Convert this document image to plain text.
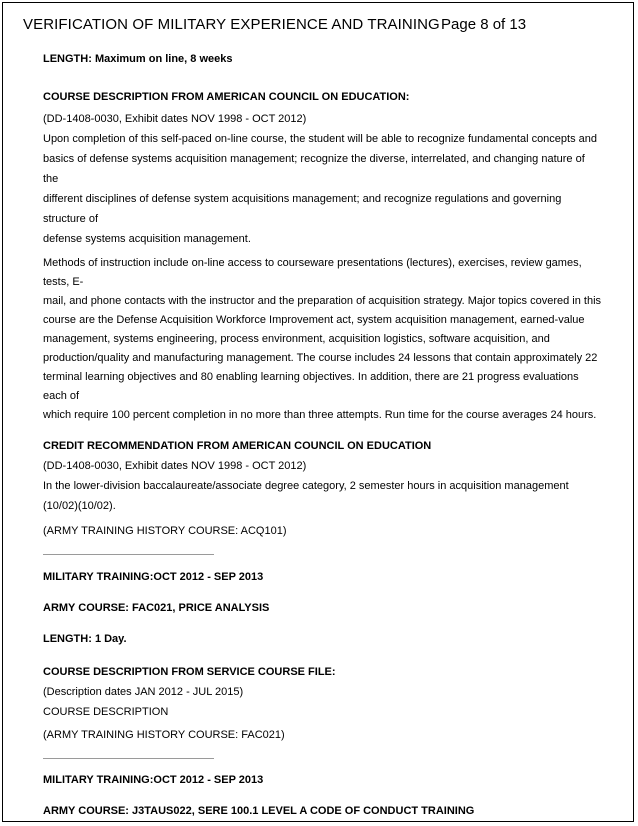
VERIFICATION OF MILITARY EXPERIENCE AND TRAINING Page 8 of 13

LENGTH: Maximum on line, 8 weeks

COURSE DESCRIPTION FROM AMERICAN COUNCIL ON EDUCATION:

(DD-1408-0030, Exhibit dates NOV 1998 - OCT 2012)

Upon completion of this self-paced on-line course, the student will be able to recognize fundamental concepts and

basics of defense systems acquisition management; recognize the diverse, interrelated, and changing nature of the

different disciplines of defense system acquisitions management; and recognize regulations and governing structure of

defense systems acquisition management.

Methods of instruction include on-line access to courseware presentations (lectures), exercises, review games, tests, E-

mail, and phone contacts with the instructor and the preparation of acquisition strategy. Major topics covered in this

course are the Defense Acquisition Workforce Improvement act, system acquisition management, earned-value

management, systems engineering, process environment, acquisition logistics, software acquisition, and

production/quality and manufacturing management. The course includes 24 lessons that contain approximately 22

terminal learning objectives and 80 enabling learning objectives. In addition, there are 21 progress evaluations each of

which require 100 percent completion in no more than three attempts. Run time for the course averages 24 hours.

CREDIT RECOMMENDATION FROM AMERICAN COUNCIL ON EDUCATION

(DD-1408-0030, Exhibit dates NOV 1998 - OCT 2012)

In the lower-division baccalaureate/associate degree category, 2 semester hours in acquisition management

(10/02)(10/02).

(ARMY TRAINING HISTORY COURSE: ACQ101)

MILITARY TRAINING:OCT 2012 - SEP 2013

ARMY COURSE: FAC021, PRICE ANALYSIS

LENGTH: 1 Day.

COURSE DESCRIPTION FROM SERVICE COURSE FILE:

(Description dates JAN 2012 - JUL 2015)

COURSE DESCRIPTION

(ARMY TRAINING HISTORY COURSE: FAC021)

MILITARY TRAINING:OCT 2012 - SEP 2013

ARMY COURSE: J3TAUS022, SERE 100.1 LEVEL A CODE OF CONDUCT TRAINING
